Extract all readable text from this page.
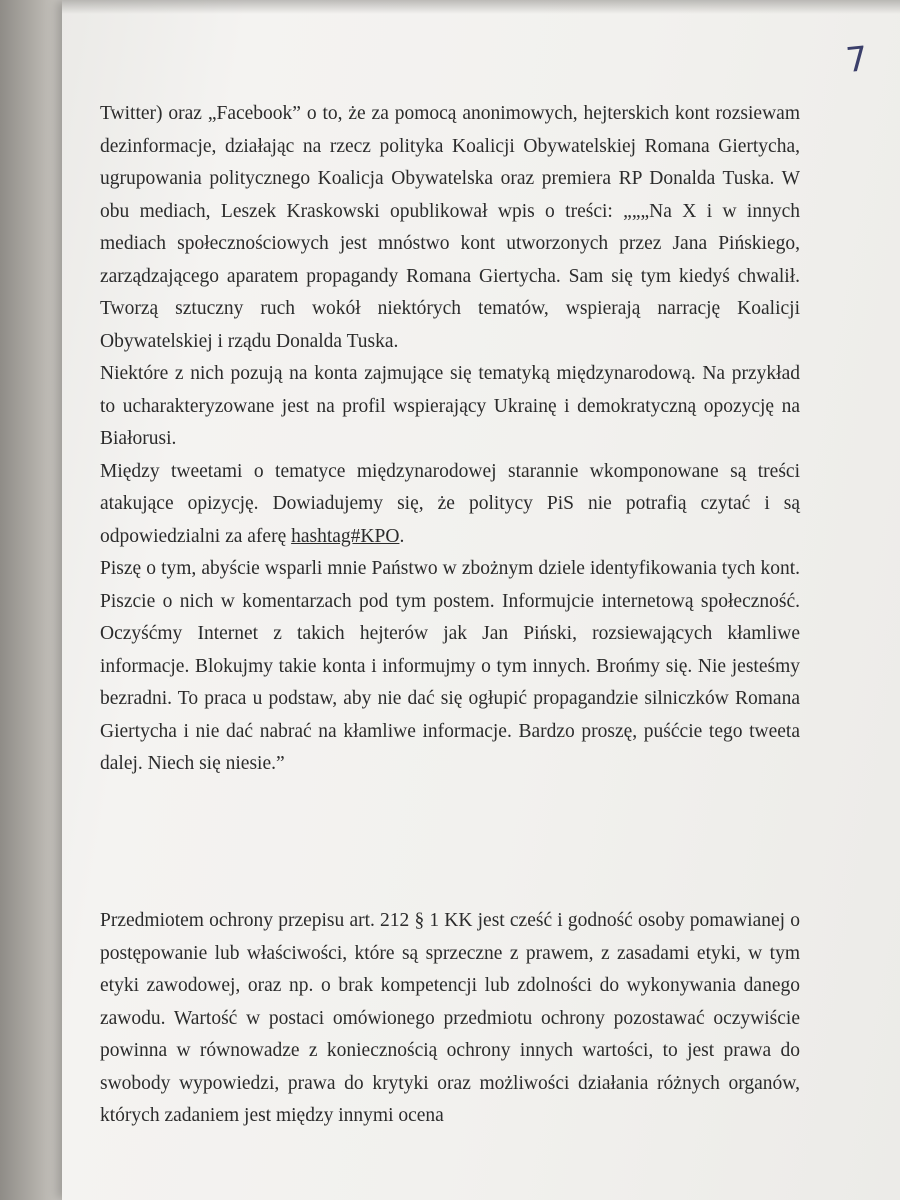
7

Twitter) oraz „Facebook” o to, że za pomocą anonimowych, hejterskich kont rozsiewam dezinformacje, działając na rzecz polityka Koalicji Obywatelskiej Romana Giertycha, ugrupowania politycznego Koalicja Obywatelska oraz premiera RP Donalda Tuska. W obu mediach, Leszek Kraskowski opublikował wpis o treści: „„„Na X i w innych mediach społecznościowych jest mnóstwo kont utworzonych przez Jana Pińskiego, zarządzającego aparatem propagandy Romana Giertycha. Sam się tym kiedyś chwalił. Tworzą sztuczny ruch wokół niektórych tematów, wspierają narrację Koalicji Obywatelskiej i rządu Donalda Tuska.

Niektóre z nich pozują na konta zajmujące się tematyką międzynarodową. Na przykład to ucharakteryzowane jest na profil wspierający Ukrainę i demokratyczną opozycję na Białorusi.

Między tweetami o tematyce międzynarodowej starannie wkomponowane są treści atakujące opizycję. Dowiadujemy się, że politycy PiS nie potrafią czytać i są odpowiedzialni za aferę hashtag#KPO.

Piszę o tym, abyście wsparli mnie Państwo w zbożnym dziele identyfikowania tych kont. Piszcie o nich w komentarzach pod tym postem. Informujcie internetową społeczność. Oczyśćmy Internet z takich hejterów jak Jan Piński, rozsiewających kłamliwe informacje. Blokujmy takie konta i informujmy o tym innych. Brońmy się. Nie jesteśmy bezradni. To praca u podstaw, aby nie dać się ogłupić propagandzie silniczków Romana Giertycha i nie dać nabrać na kłamliwe informacje. Bardzo proszę, puśćcie tego tweeta dalej. Niech się niesie.”

Przedmiotem ochrony przepisu art. 212 § 1 KK jest cześć i godność osoby pomawianej o postępowanie lub właściwości, które są sprzeczne z prawem, z zasadami etyki, w tym etyki zawodowej, oraz np. o brak kompetencji lub zdolności do wykonywania danego zawodu. Wartość w postaci omówionego przedmiotu ochrony pozostawać oczywiście powinna w równowadze z koniecznością ochrony innych wartości, to jest prawa do swobody wypowiedzi, prawa do krytyki oraz możliwości działania różnych organów, których zadaniem jest między innymi ocena
